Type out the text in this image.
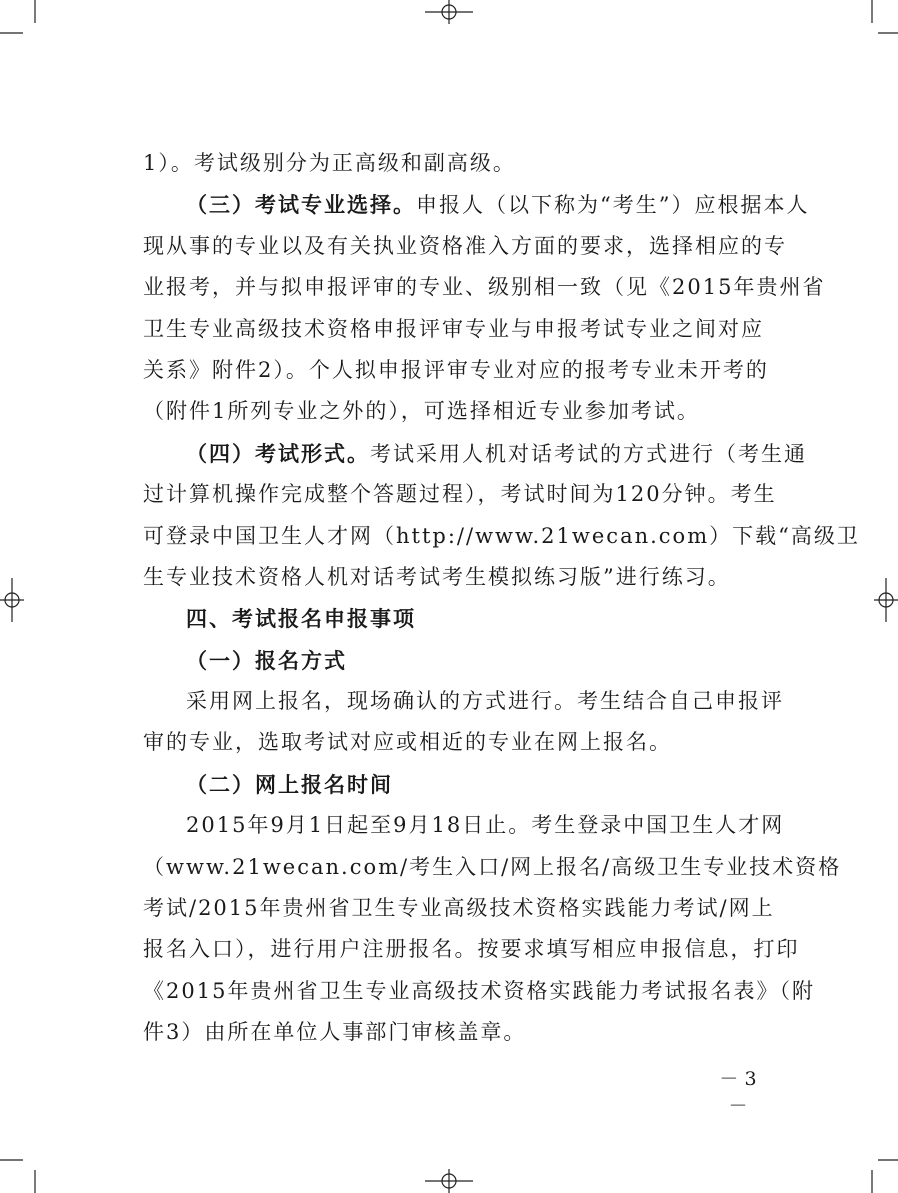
1）。考试级别分为正高级和副高级。

（三）考试专业选择。申报人（以下称为“考生”）应根据本人

现从事的专业以及有关执业资格准入方面的要求，选择相应的专

业报考，并与拟申报评审的专业、级别相一致（见《2015年贵州省

卫生专业高级技术资格申报评审专业与申报考试专业之间对应

关系》附件2）。个人拟申报评审专业对应的报考专业未开考的

（附件1所列专业之外的），可选择相近专业参加考试。

（四）考试形式。考试采用人机对话考试的方式进行（考生通

过计算机操作完成整个答题过程），考试时间为120分钟。考生

可登录中国卫生人才网（http://www.21wecan.com）下载“高级卫

生专业技术资格人机对话考试考生模拟练习版”进行练习。

四、考试报名申报事项

（一）报名方式

采用网上报名，现场确认的方式进行。考生结合自己申报评

审的专业，选取考试对应或相近的专业在网上报名。

（二）网上报名时间

2015年9月1日起至9月18日止。考生登录中国卫生人才网

（www.21wecan.com/考生入口/网上报名/高级卫生专业技术资格

考试/2015年贵州省卫生专业高级技术资格实践能力考试/网上

报名入口），进行用户注册报名。按要求填写相应申报信息，打印

《2015年贵州省卫生专业高级技术资格实践能力考试报名表》（附

件3）由所在单位人事部门审核盖章。

－ 3 －
